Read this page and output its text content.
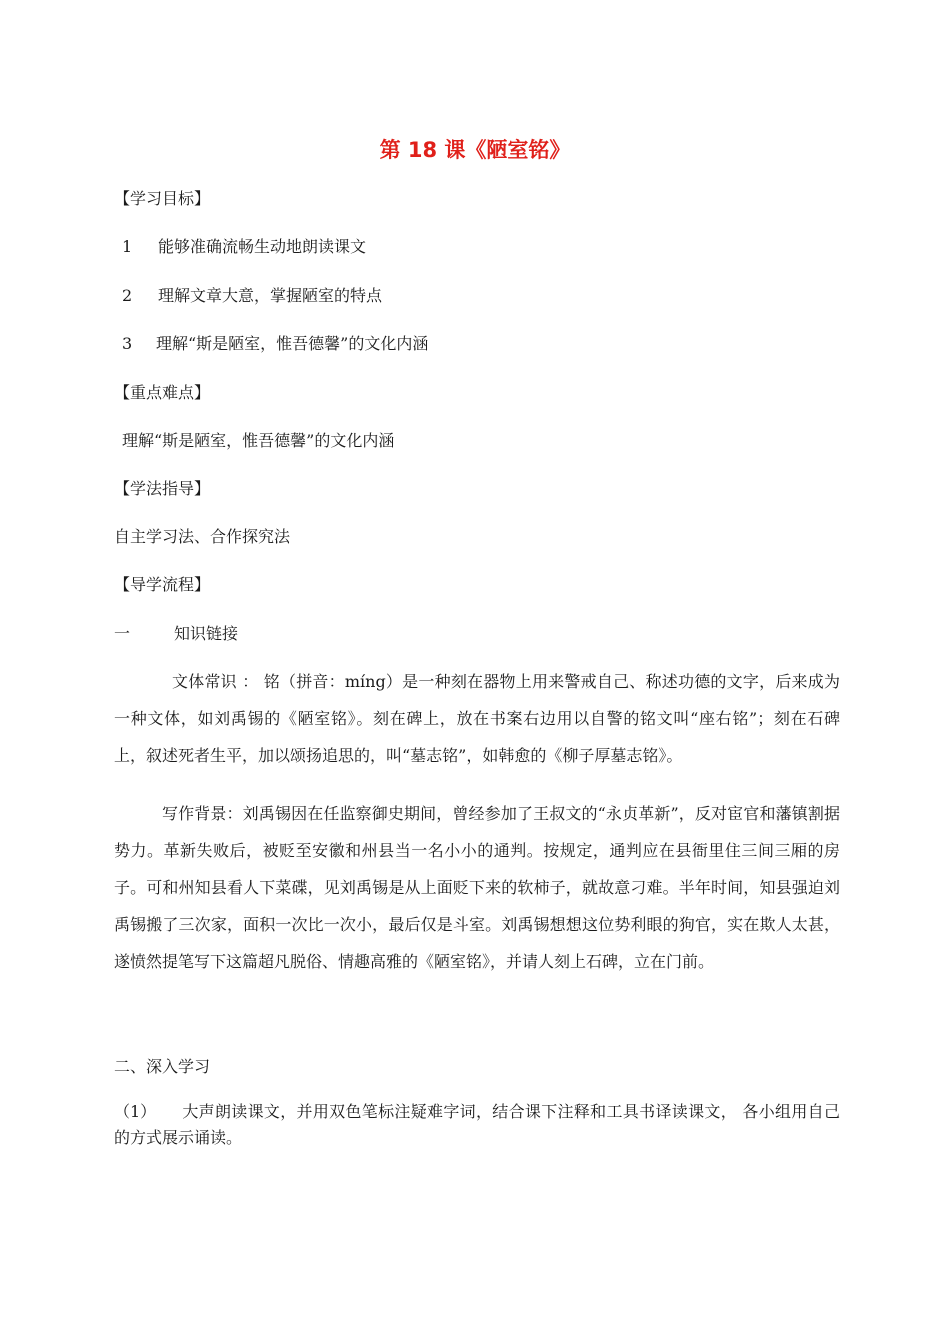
第 18 课《陋室铭》
【学习目标】
1 能够准确流畅生动地朗读课文
2 理解文章大意，掌握陋室的特点
3 理解“斯是陋室，惟吾德馨”的文化内涵
【重点难点】
理解“斯是陋室，惟吾德馨”的文化内涵
【学法指导】
自主学习法、合作探究法
【导学流程】
一	知识链接
文体常识 ： 铭（拼音：míng）是一种刻在器物上用来警戒自己、称述功德的文字，后来成为一种文体，如刘禹锡的《陋室铭》。刻在碑上，放在书案右边用以自警的铭文叫“座右铭”；刻在石碑上，叙述死者生平，加以颂扬追思的，叫“墓志铭”，如韩愈的《柳子厚墓志铭》。
写作背景：刘禹锡因在任监察御史期间，曾经参加了王叔文的“永贞革新”，反对宦官和藩镇割据势力。革新失败后，被贬至安徽和州县当一名小小的通判。按规定，通判应在县衙里住三间三厢的房子。可和州知县看人下菜碟，见刘禹锡是从上面贬下来的软柿子，就故意刁难。半年时间，知县强迫刘禹锡搬了三次家，面积一次比一次小，最后仅是斗室。刘禹锡想想这位势利眼的狗官，实在欺人太甚，遂愤然提笔写下这篇超凡脱俗、情趣高雅的《陋室铭》，并请人刻上石碑，立在门前。
二、深入学习
（1） 大声朗读课文，并用双色笔标注疑难字词，结合课下注释和工具书译读课文， 各小组用自己的方式展示诵读。
